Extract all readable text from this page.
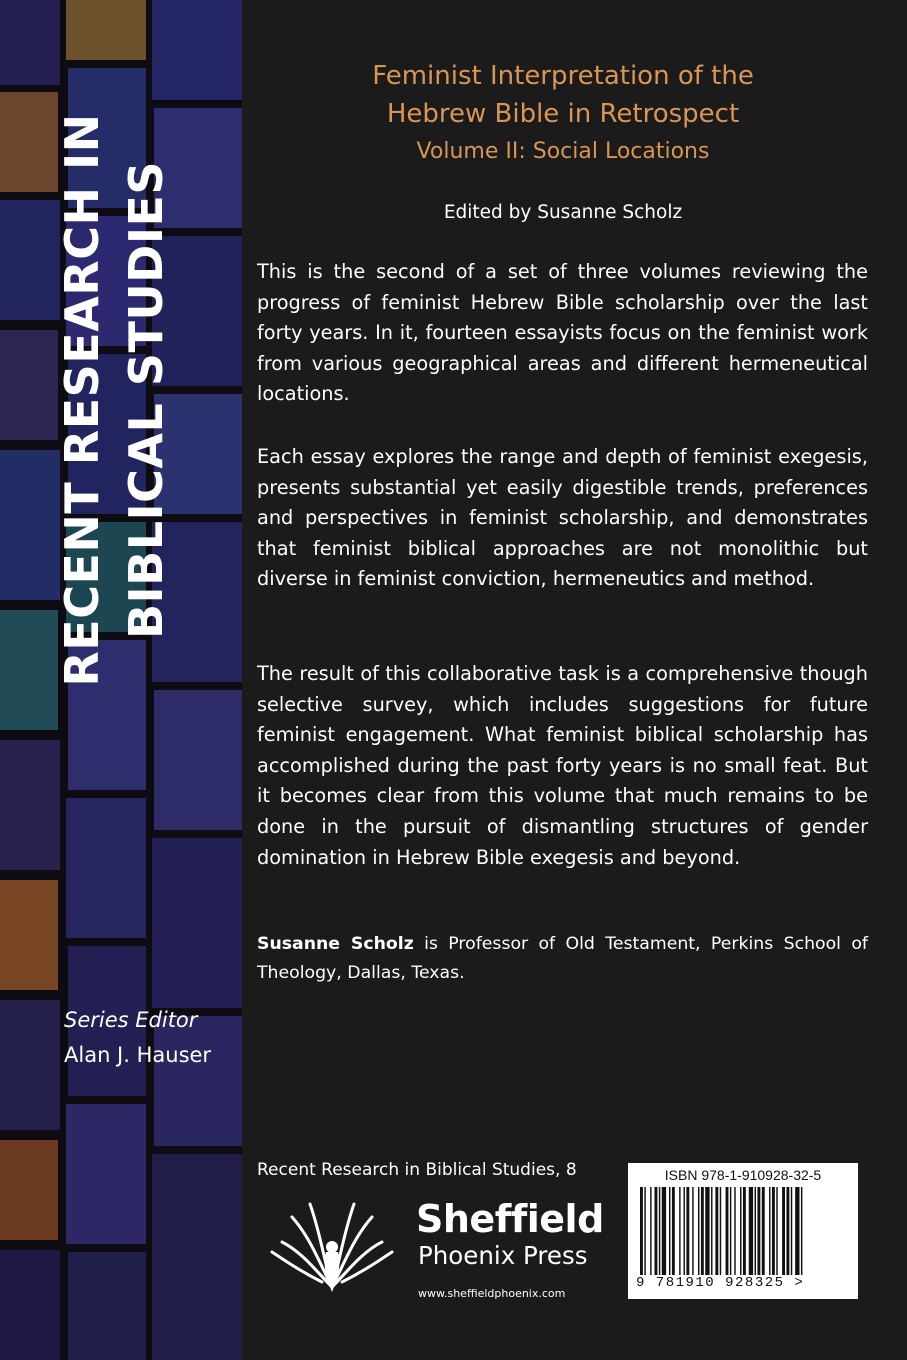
RECENT RESEARCH IN BIBLICAL STUDIES
Series Editor
Alan J. Hauser
Feminist Interpretation of the
Hebrew Bible in Retrospect
Volume II: Social Locations
Edited by Susanne Scholz
This is the second of a set of three volumes reviewing the progress of feminist Hebrew Bible scholarship over the last forty years. In it, fourteen essayists focus on the feminist work from various geographical areas and different hermeneutical locations.
Each essay explores the range and depth of feminist exegesis, presents substantial yet easily digestible trends, preferences and perspectives in feminist scholarship, and demonstrates that feminist biblical approaches are not monolithic but diverse in feminist conviction, hermeneutics and method.
The result of this collaborative task is a comprehensive though selective survey, which includes suggestions for future feminist engagement. What feminist biblical scholarship has accomplished during the past forty years is no small feat. But it becomes clear from this volume that much remains to be done in the pursuit of dismantling structures of gender domination in Hebrew Bible exegesis and beyond.
Susanne Scholz is Professor of Old Testament, Perkins School of Theology, Dallas, Texas.
Recent Research in Biblical Studies, 8
Sheffield
Phoenix Press
www.sheffieldphoenix.com
ISBN 978-1-910928-32-5
9 781910 928325 >
